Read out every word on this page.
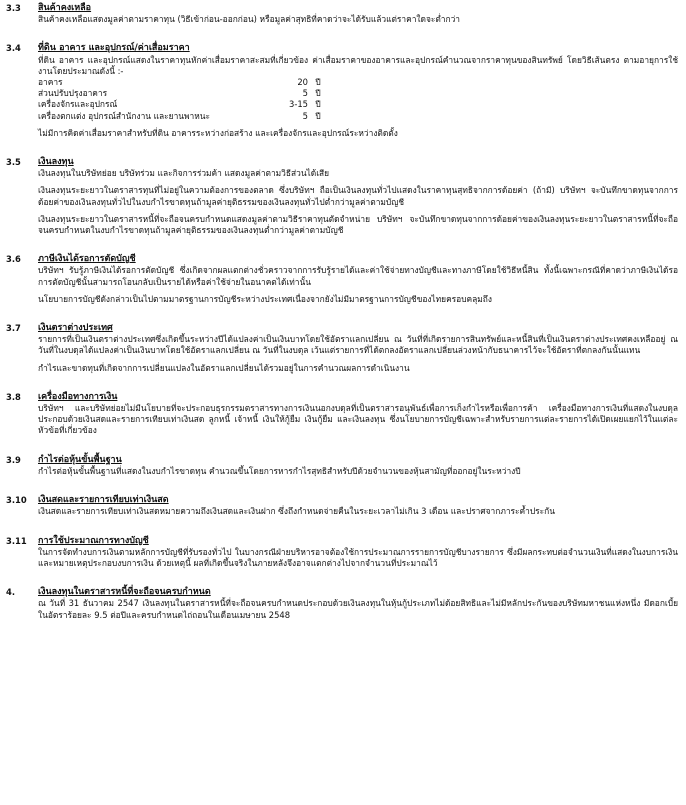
3.3	สินค้าคงเหลือ

สินค้าคงเหลือแสดงมูลค่าตามราคาทุน (วิธีเข้าก่อน-ออกก่อน) หรือมูลค่าสุทธิที่คาดว่าจะได้รับแล้วแต่ราคาใดจะต่ำกว่า

3.4	ที่ดิน อาคาร และอุปกรณ์/ค่าเสื่อมราคา

ที่ดิน อาคาร และอุปกรณ์แสดงในราคาทุนหักค่าเสื่อมราคาสะสมที่เกี่ยวข้อง ค่าเสื่อมราคาของอาคารและอุปกรณ์คำนวณจากราคาทุนของสินทรัพย์ โดยวิธีเส้นตรง ตามอายุการใช้งานโดยประมาณดังนี้ :-

อาคาร	20 ปี
ส่วนปรับปรุงอาคาร	5 ปี
เครื่องจักรและอุปกรณ์	3-15 ปี
เครื่องตกแต่ง อุปกรณ์สำนักงาน และยานพาหนะ	5 ปี

ไม่มีการคิดค่าเสื่อมราคาสำหรับที่ดิน อาคารระหว่างก่อสร้าง และเครื่องจักรและอุปกรณ์ระหว่างติดตั้ง

3.5	เงินลงทุน

เงินลงทุนในบริษัทย่อย บริษัทร่วม และกิจการร่วมค้า แสดงมูลค่าตามวิธีส่วนได้เสีย

เงินลงทุนระยะยาวในตราสารทุนที่ไม่อยู่ในความต้องการของตลาด ซึ่งบริษัทฯ ถือเป็นเงินลงทุนทั่วไปแสดงในราคาทุนสุทธิจากการด้อยค่า (ถ้ามี) บริษัทฯ จะบันทึกขาดทุนจากการด้อยค่าของเงินลงทุนทั่วไปในงบกำไรขาดทุนถ้ามูลค่ายุติธรรมของเงินลงทุนทั่วไปต่ำกว่ามูลค่าตามบัญชี

เงินลงทุนระยะยาวในตราสารหนี้ที่จะถือจนครบกำหนดแสดงมูลค่าตามวิธีราคาทุนตัดจำหน่าย บริษัทฯ จะบันทึกขาดทุนจากการด้อยค่าของเงินลงทุนระยะยาวในตราสารหนี้ที่จะถือจนครบกำหนดในงบกำไรขาดทุนถ้ามูลค่ายุติธรรมของเงินลงทุนต่ำกว่ามูลค่าตามบัญชี

3.6	ภาษีเงินได้รอการตัดบัญชี

บริษัทฯ รับรู้ภาษีเงินได้รอการตัดบัญชี ซึ่งเกิดจากผลแตกต่างชั่วคราวจากการรับรู้รายได้และค่าใช้จ่ายทางบัญชีและทางภาษีโดยใช้วิธีหนี้สิน ทั้งนี้เฉพาะกรณีที่คาดว่าภาษีเงินได้รอการตัดบัญชีนั้นสามารถโอนกลับเป็นรายได้หรือค่าใช้จ่ายในอนาคตได้เท่านั้น

นโยบายการบัญชีดังกล่าวเป็นไปตามมาตรฐานการบัญชีระหว่างประเทศเนื่องจากยังไม่มีมาตรฐานการบัญชีของไทยครอบคลุมถึง

3.7	เงินตราต่างประเทศ

รายการที่เป็นเงินตราต่างประเทศซึ่งเกิดขึ้นระหว่างปีได้แปลงค่าเป็นเงินบาทโดยใช้อัตราแลกเปลี่ยน ณ วันที่ที่เกิดรายการสินทรัพย์และหนี้สินที่เป็นเงินตราต่างประเทศคงเหลืออยู่ ณ วันที่ในงบดุลได้แปลงค่าเป็นเงินบาทโดยใช้อัตราแลกเปลี่ยน ณ วันที่ในงบดุล เว้นแต่รายการที่ได้ตกลงอัตราแลกเปลี่ยนล่วงหน้ากับธนาคารไว้จะใช้อัตราที่ตกลงกันนั้นแทน

กำไรและขาดทุนที่เกิดจากการเปลี่ยนแปลงในอัตราแลกเปลี่ยนได้รวมอยู่ในการคำนวณผลการดำเนินงาน

3.8	เครื่องมือทางการเงิน

บริษัทฯ และบริษัทย่อยไม่มีนโยบายที่จะประกอบธุรกรรมตราสารทางการเงินนอกงบดุลที่เป็นตราสารอนุพันธ์เพื่อการเก็งกำไรหรือเพื่อการค้า เครื่องมือทางการเงินที่แสดงในงบดุลประกอบด้วยเงินสดและรายการเทียบเท่าเงินสด ลูกหนี้ เจ้าหนี้ เงินให้กู้ยืม เงินกู้ยืม และเงินลงทุน ซึ่งนโยบายการบัญชีเฉพาะสำหรับรายการแต่ละรายการได้เปิดเผยแยกไว้ในแต่ละหัวข้อที่เกี่ยวข้อง

3.9	กำไรต่อหุ้นขั้นพื้นฐาน

กำไรต่อหุ้นขั้นพื้นฐานที่แสดงในงบกำไรขาดทุน คำนวณขึ้นโดยการหารกำไรสุทธิสำหรับปีด้วยจำนวนของหุ้นสามัญที่ออกอยู่ในระหว่างปี

3.10	เงินสดและรายการเทียบเท่าเงินสด

เงินสดและรายการเทียบเท่าเงินสดหมายความถึงเงินสดและเงินฝาก ซึ่งถึงกำหนดจ่ายคืนในระยะเวลาไม่เกิน 3 เดือน และปราศจากภาระค้ำประกัน

3.11	การใช้ประมาณการทางบัญชี

ในการจัดทำงบการเงินตามหลักการบัญชีที่รับรองทั่วไป ในบางกรณีฝ่ายบริหารอาจต้องใช้การประมาณการรายการบัญชีบางรายการ ซึ่งมีผลกระทบต่อจำนวนเงินที่แสดงในงบการเงินและหมายเหตุประกอบงบการเงิน ด้วยเหตุนี้ ผลที่เกิดขึ้นจริงในภายหลังจึงอาจแตกต่างไปจากจำนวนที่ประมาณไว้

4.	เงินลงทุนในตราสารหนี้ที่จะถือจนครบกำหนด

ณ วันที่ 31 ธันวาคม 2547 เงินลงทุนในตราสารหนี้ที่จะถือจนครบกำหนดประกอบด้วยเงินลงทุนในหุ้นกู้ประเภทไม่ด้อยสิทธิและไม่มีหลักประกันของบริษัทมหาชนแห่งหนึ่ง มีดอกเบี้ยในอัตราร้อยละ 9.5 ต่อปีและครบกำหนดไถ่ถอนในเดือนเมษายน 2548
